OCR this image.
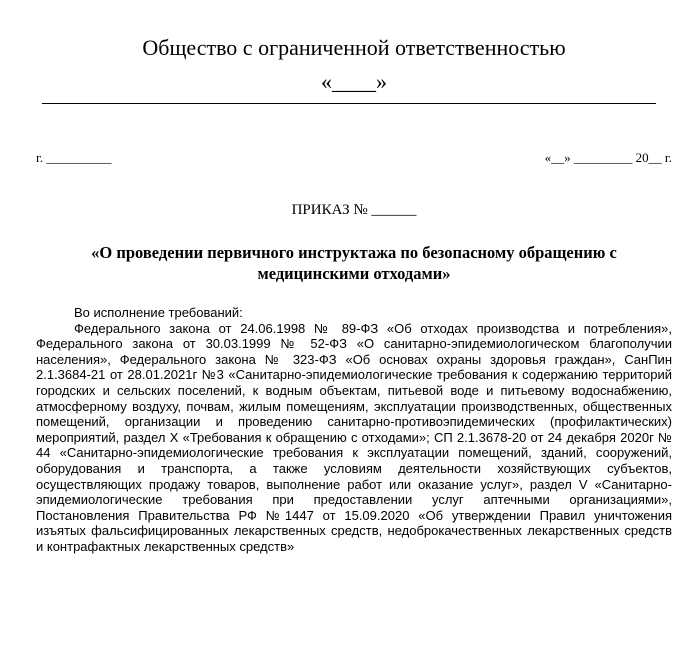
Общество с ограниченной ответственностью
«____»
г. __________	«__» _________ 20__ г.
ПРИКАЗ № ______
«О проведении первичного инструктажа по безопасному обращению с медицинскими отходами»

Во исполнение требований:

Федерального закона от 24.06.1998 № 89-ФЗ «Об отходах производства и потребления», Федерального закона от 30.03.1999 № 52-ФЗ «О санитарно-эпидемиологическом благополучии населения», Федерального закона № 323-ФЗ «Об основах охраны здоровья граждан», СанПин 2.1.3684-21 от 28.01.2021г №3 «Санитарно-эпидемиологические требования к содержанию территорий городских и сельских поселений, к водным объектам, питьевой воде и питьевому водоснабжению, атмосферному воздуху, почвам, жилым помещениям, эксплуатации производственных, общественных помещений, организации и проведению санитарно-противоэпидемических (профилактических) мероприятий, раздел X «Требования к обращению с отходами»; СП 2.1.3678-20 от 24 декабря 2020г № 44 «Санитарно-эпидемиологические требования к эксплуатации помещений, зданий, сооружений, оборудования и транспорта, а также условиям деятельности хозяйствующих субъектов, осуществляющих продажу товаров, выполнение работ или оказание услуг», раздел V «Санитарно-эпидемиологические требования при предоставлении услуг аптечными организациями», Постановления Правительства РФ №1447 от 15.09.2020 «Об утверждении Правил уничтожения изъятых фальсифицированных лекарственных средств, недоброкачественных лекарственных средств и контрафактных лекарственных средств»
